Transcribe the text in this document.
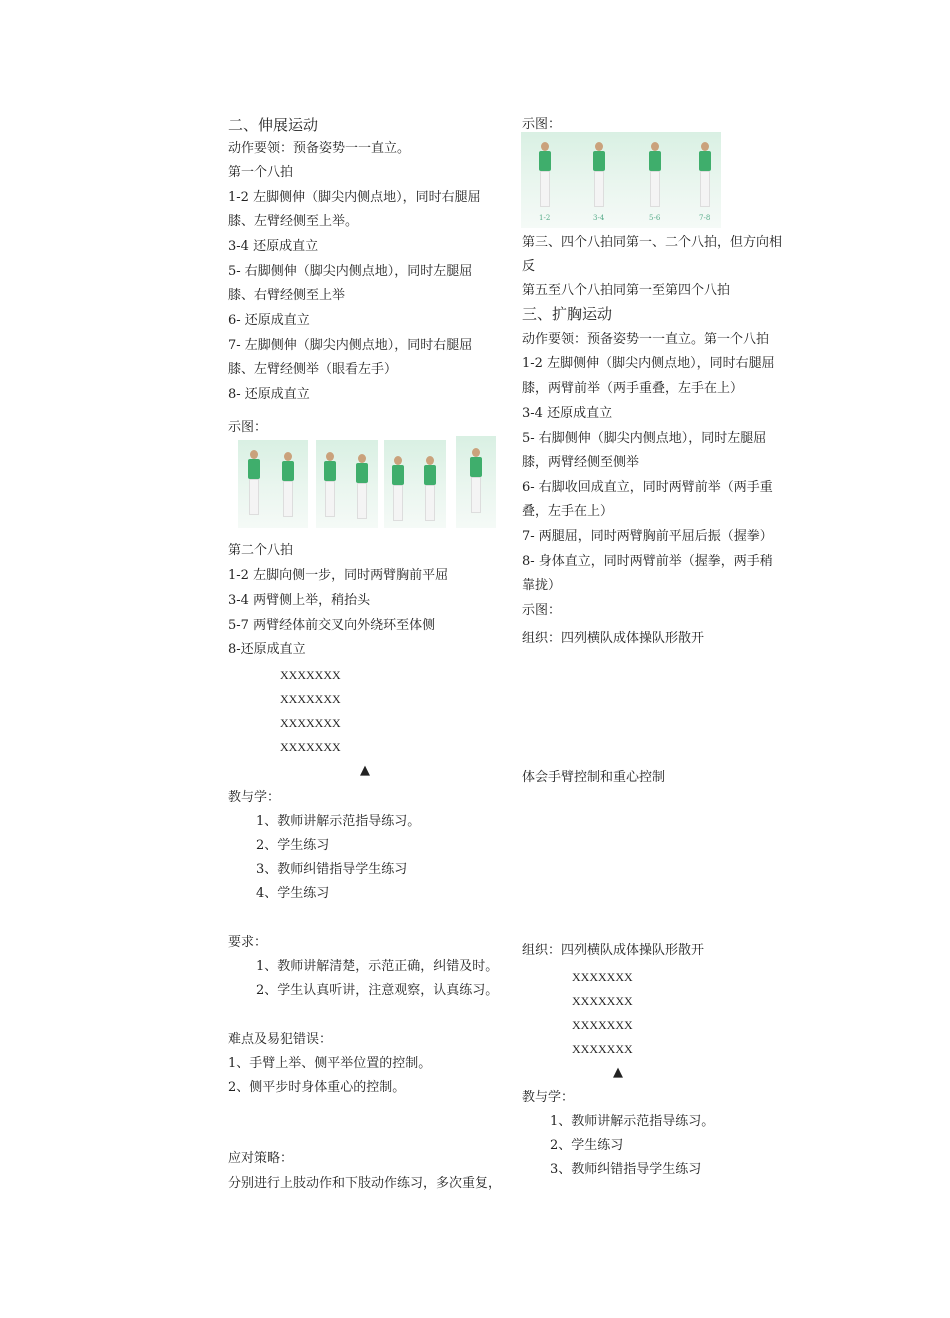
二、伸展运动
动作要领：预备姿势一一直立。
第一个八拍
1-2 左脚侧伸（脚尖内侧点地），同时右腿屈
膝、左臂经侧至上举。
3-4 还原成直立
5- 右脚侧伸（脚尖内侧点地），同时左腿屈
膝、右臂经侧至上举
6- 还原成直立
7- 左脚侧伸（脚尖内侧点地），同时右腿屈
膝、左臂经侧举（眼看左手）
8- 还原成直立
示图：
第二个八拍
1-2 左脚向侧一步，同时两臂胸前平屈
3-4 两臂侧上举，稍抬头
5-7 两臂经体前交叉向外绕环至体侧
8-还原成直立
XXXXXXX
XXXXXXX
XXXXXXX
XXXXXXX
▲
教与学：
1、教师讲解示范指导练习。
2、学生练习
3、教师纠错指导学生练习
4、学生练习
要求：
1、教师讲解清楚，示范正确，纠错及时。
2、学生认真听讲，注意观察，认真练习。
难点及易犯错误：
1、手臂上举、侧平举位置的控制。
2、侧平步时身体重心的控制。
应对策略：
分别进行上肢动作和下肢动作练习，多次重复，
示图：
1-2	3-4	5-6	7-8
第三、四个八拍同第一、二个八拍，但方向相
反
第五至八个八拍同第一至第四个八拍
三、扩胸运动
动作要领：预备姿势一一直立。第一个八拍
1-2 左脚侧伸（脚尖内侧点地），同时右腿屈
膝，两臂前举（两手重叠，左手在上）
3-4 还原成直立
5- 右脚侧伸（脚尖内侧点地），同时左腿屈
膝，两臂经侧至侧举
6- 右脚收回成直立，同时两臂前举（两手重
叠，左手在上）
7- 两腿屈，同时两臂胸前平屈后振（握拳）
8- 身体直立，同时两臂前举（握拳，两手稍
靠拢）
示图：
组织：四列横队成体操队形散开
体会手臂控制和重心控制
组织：四列横队成体操队形散开
XXXXXXX
XXXXXXX
XXXXXXX
XXXXXXX
▲
教与学：
1、教师讲解示范指导练习。
2、学生练习
3、教师纠错指导学生练习
